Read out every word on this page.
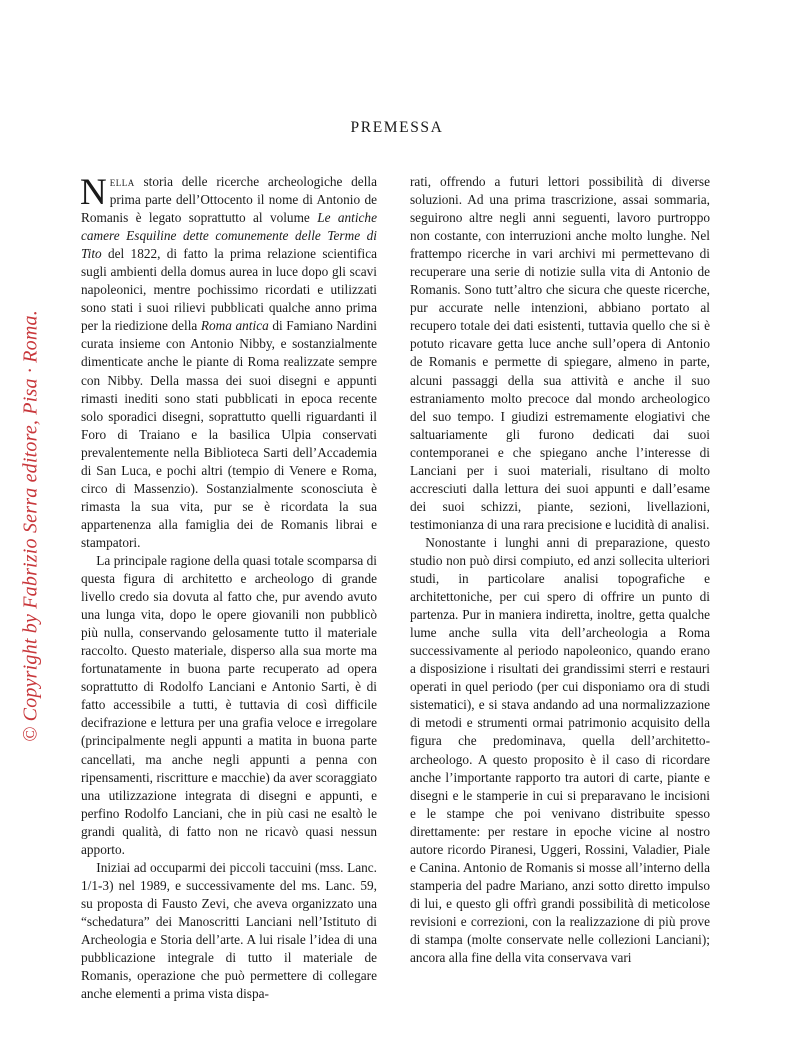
© Copyright by Fabrizio Serra editore, Pisa · Roma.
PREMESSA

Nella storia delle ricerche archeologiche della prima parte dell’Ottocento il nome di Antonio de Romanis è legato soprattutto al volume Le antiche camere Esquiline dette comunemente delle Terme di Tito del 1822, di fatto la prima relazione scientifica sugli ambienti della domus aurea in luce dopo gli scavi napoleonici, mentre pochissimo ricordati e utilizzati sono stati i suoi rilievi pubblicati qualche anno prima per la riedizione della Roma antica di Famiano Nardini curata insieme con Antonio Nibby, e sostanzialmente dimenticate anche le piante di Roma realizzate sempre con Nibby. Della massa dei suoi disegni e appunti rimasti inediti sono stati pubblicati in epoca recente solo sporadici disegni, soprattutto quelli riguardanti il Foro di Traiano e la basilica Ulpia conservati prevalentemente nella Biblioteca Sarti dell’Accademia di San Luca, e pochi altri (tempio di Venere e Roma, circo di Massenzio). Sostanzialmente sconosciuta è rimasta la sua vita, pur se è ricordata la sua appartenenza alla famiglia dei de Romanis librai e stampatori.

La principale ragione della quasi totale scomparsa di questa figura di architetto e archeologo di grande livello credo sia dovuta al fatto che, pur avendo avuto una lunga vita, dopo le opere giovanili non pubblicò più nulla, conservando gelosamente tutto il materiale raccolto. Questo materiale, disperso alla sua morte ma fortunatamente in buona parte recuperato ad opera soprattutto di Rodolfo Lanciani e Antonio Sarti, è di fatto accessibile a tutti, è tuttavia di così difficile decifrazione e lettura per una grafia veloce e irregolare (principalmente negli appunti a matita in buona parte cancellati, ma anche negli appunti a penna con ripensamenti, riscritture e macchie) da aver scoraggiato una utilizzazione integrata di disegni e appunti, e perfino Rodolfo Lanciani, che in più casi ne esaltò le grandi qualità, di fatto non ne ricavò quasi nessun apporto.

Iniziai ad occuparmi dei piccoli taccuini (mss. Lanc. 1/1-3) nel 1989, e successivamente del ms. Lanc. 59, su proposta di Fausto Zevi, che aveva organizzato una “schedatura” dei Manoscritti Lanciani nell’Istituto di Archeologia e Storia dell’arte. A lui risale l’idea di una pubblicazione integrale di tutto il materiale de Romanis, operazione che può permettere di collegare anche elementi a prima vista dispa-

rati, offrendo a futuri lettori possibilità di diverse soluzioni. Ad una prima trascrizione, assai sommaria, seguirono altre negli anni seguenti, lavoro purtroppo non costante, con interruzioni anche molto lunghe. Nel frattempo ricerche in vari archivi mi permettevano di recuperare una serie di notizie sulla vita di Antonio de Romanis. Sono tutt’altro che sicura che queste ricerche, pur accurate nelle intenzioni, abbiano portato al recupero totale dei dati esistenti, tuttavia quello che si è potuto ricavare getta luce anche sull’opera di Antonio de Romanis e permette di spiegare, almeno in parte, alcuni passaggi della sua attività e anche il suo estraniamento molto precoce dal mondo archeologico del suo tempo. I giudizi estremamente elogiativi che saltuariamente gli furono dedicati dai suoi contemporanei e che spiegano anche l’interesse di Lanciani per i suoi materiali, risultano di molto accresciuti dalla lettura dei suoi appunti e dall’esame dei suoi schizzi, piante, sezioni, livellazioni, testimonianza di una rara precisione e lucidità di analisi.

Nonostante i lunghi anni di preparazione, questo studio non può dirsi compiuto, ed anzi sollecita ulteriori studi, in particolare analisi topografiche e architettoniche, per cui spero di offrire un punto di partenza. Pur in maniera indiretta, inoltre, getta qualche lume anche sulla vita dell’archeologia a Roma successivamente al periodo napoleonico, quando erano a disposizione i risultati dei grandissimi sterri e restauri operati in quel periodo (per cui disponiamo ora di studi sistematici), e si stava andando ad una normalizzazione di metodi e strumenti ormai patrimonio acquisito della figura che predominava, quella dell’architetto-archeologo. A questo proposito è il caso di ricordare anche l’importante rapporto tra autori di carte, piante e disegni e le stamperie in cui si preparavano le incisioni e le stampe che poi venivano distribuite spesso direttamente: per restare in epoche vicine al nostro autore ricordo Piranesi, Uggeri, Rossini, Valadier, Piale e Canina. Antonio de Romanis si mosse all’interno della stamperia del padre Mariano, anzi sotto diretto impulso di lui, e questo gli offrì grandi possibilità di meticolose revisioni e correzioni, con la realizzazione di più prove di stampa (molte conservate nelle collezioni Lanciani); ancora alla fine della vita conservava vari
